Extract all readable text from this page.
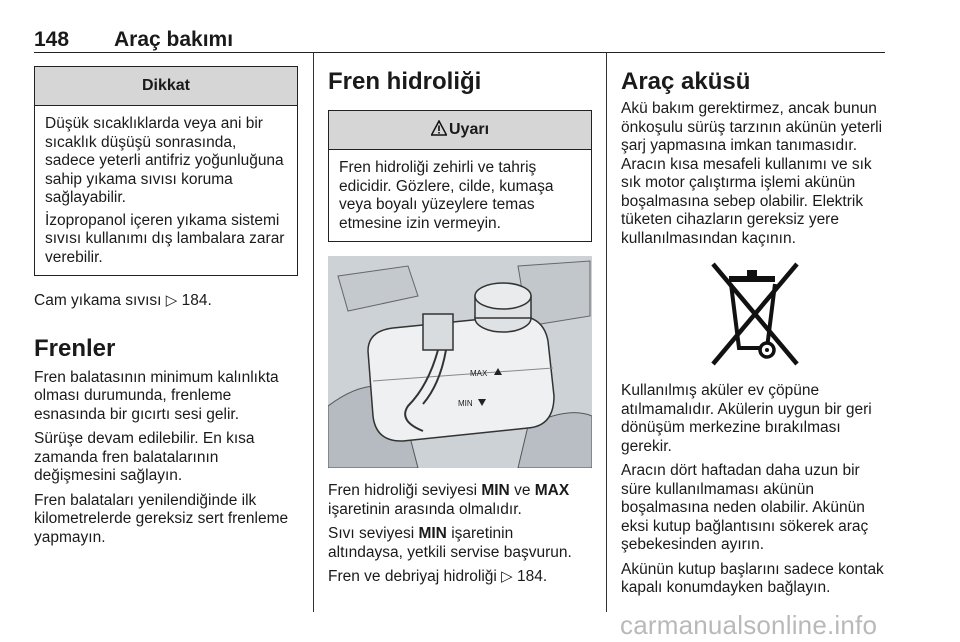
148 Araç bakımı
Dikkat

Düşük sıcaklıklarda veya ani bir sıcaklık düşüşü sonrasında, sadece yeterli antifriz yoğunluğuna sahip yıkama sıvısı koruma sağlayabilir.

İzopropanol içeren yıkama sistemi sıvısı kullanımı dış lambalara zarar verebilir.

Cam yıkama sıvısı ▷ 184.

Frenler

Fren balatasının minimum kalınlıkta olması durumunda, frenleme esnasında bir gıcırtı sesi gelir.

Sürüşe devam edilebilir. En kısa zamanda fren balatalarının değişmesini sağlayın.

Fren balataları yenilendiğinde ilk kilometrelerde gereksiz sert frenleme yapmayın.

Fren hidroliği
Uyarı

Fren hidroliği zehirli ve tahriş edicidir. Gözlere, cilde, kumaşa veya boyalı yüzeylere temas etmesine izin vermeyin.

MAX
MIN

Fren hidroliği seviyesi MIN ve MAX işaretinin arasında olmalıdır.

Sıvı seviyesi MIN işaretinin altındaysa, yetkili servise başvurun.

Fren ve debriyaj hidroliği ▷ 184.

Araç aküsü

Akü bakım gerektirmez, ancak bunun önkoşulu sürüş tarzının akünün yeterli şarj yapmasına imkan tanımasıdır. Aracın kısa mesafeli kullanımı ve sık sık motor çalıştırma işlemi akünün boşalmasına sebep olabilir. Elektrik tüketen cihazların gereksiz yere kullanılmasından kaçının.

Kullanılmış aküler ev çöpüne atılmamalıdır. Akülerin uygun bir geri dönüşüm merkezine bırakılması gerekir.

Aracın dört haftadan daha uzun bir süre kullanılmaması akünün boşalmasına neden olabilir. Akünün eksi kutup bağlantısını sökerek araç şebekesinden ayırın.

Akünün kutup başlarını sadece kontak kapalı konumdayken bağlayın.

carmanualsonline.info
